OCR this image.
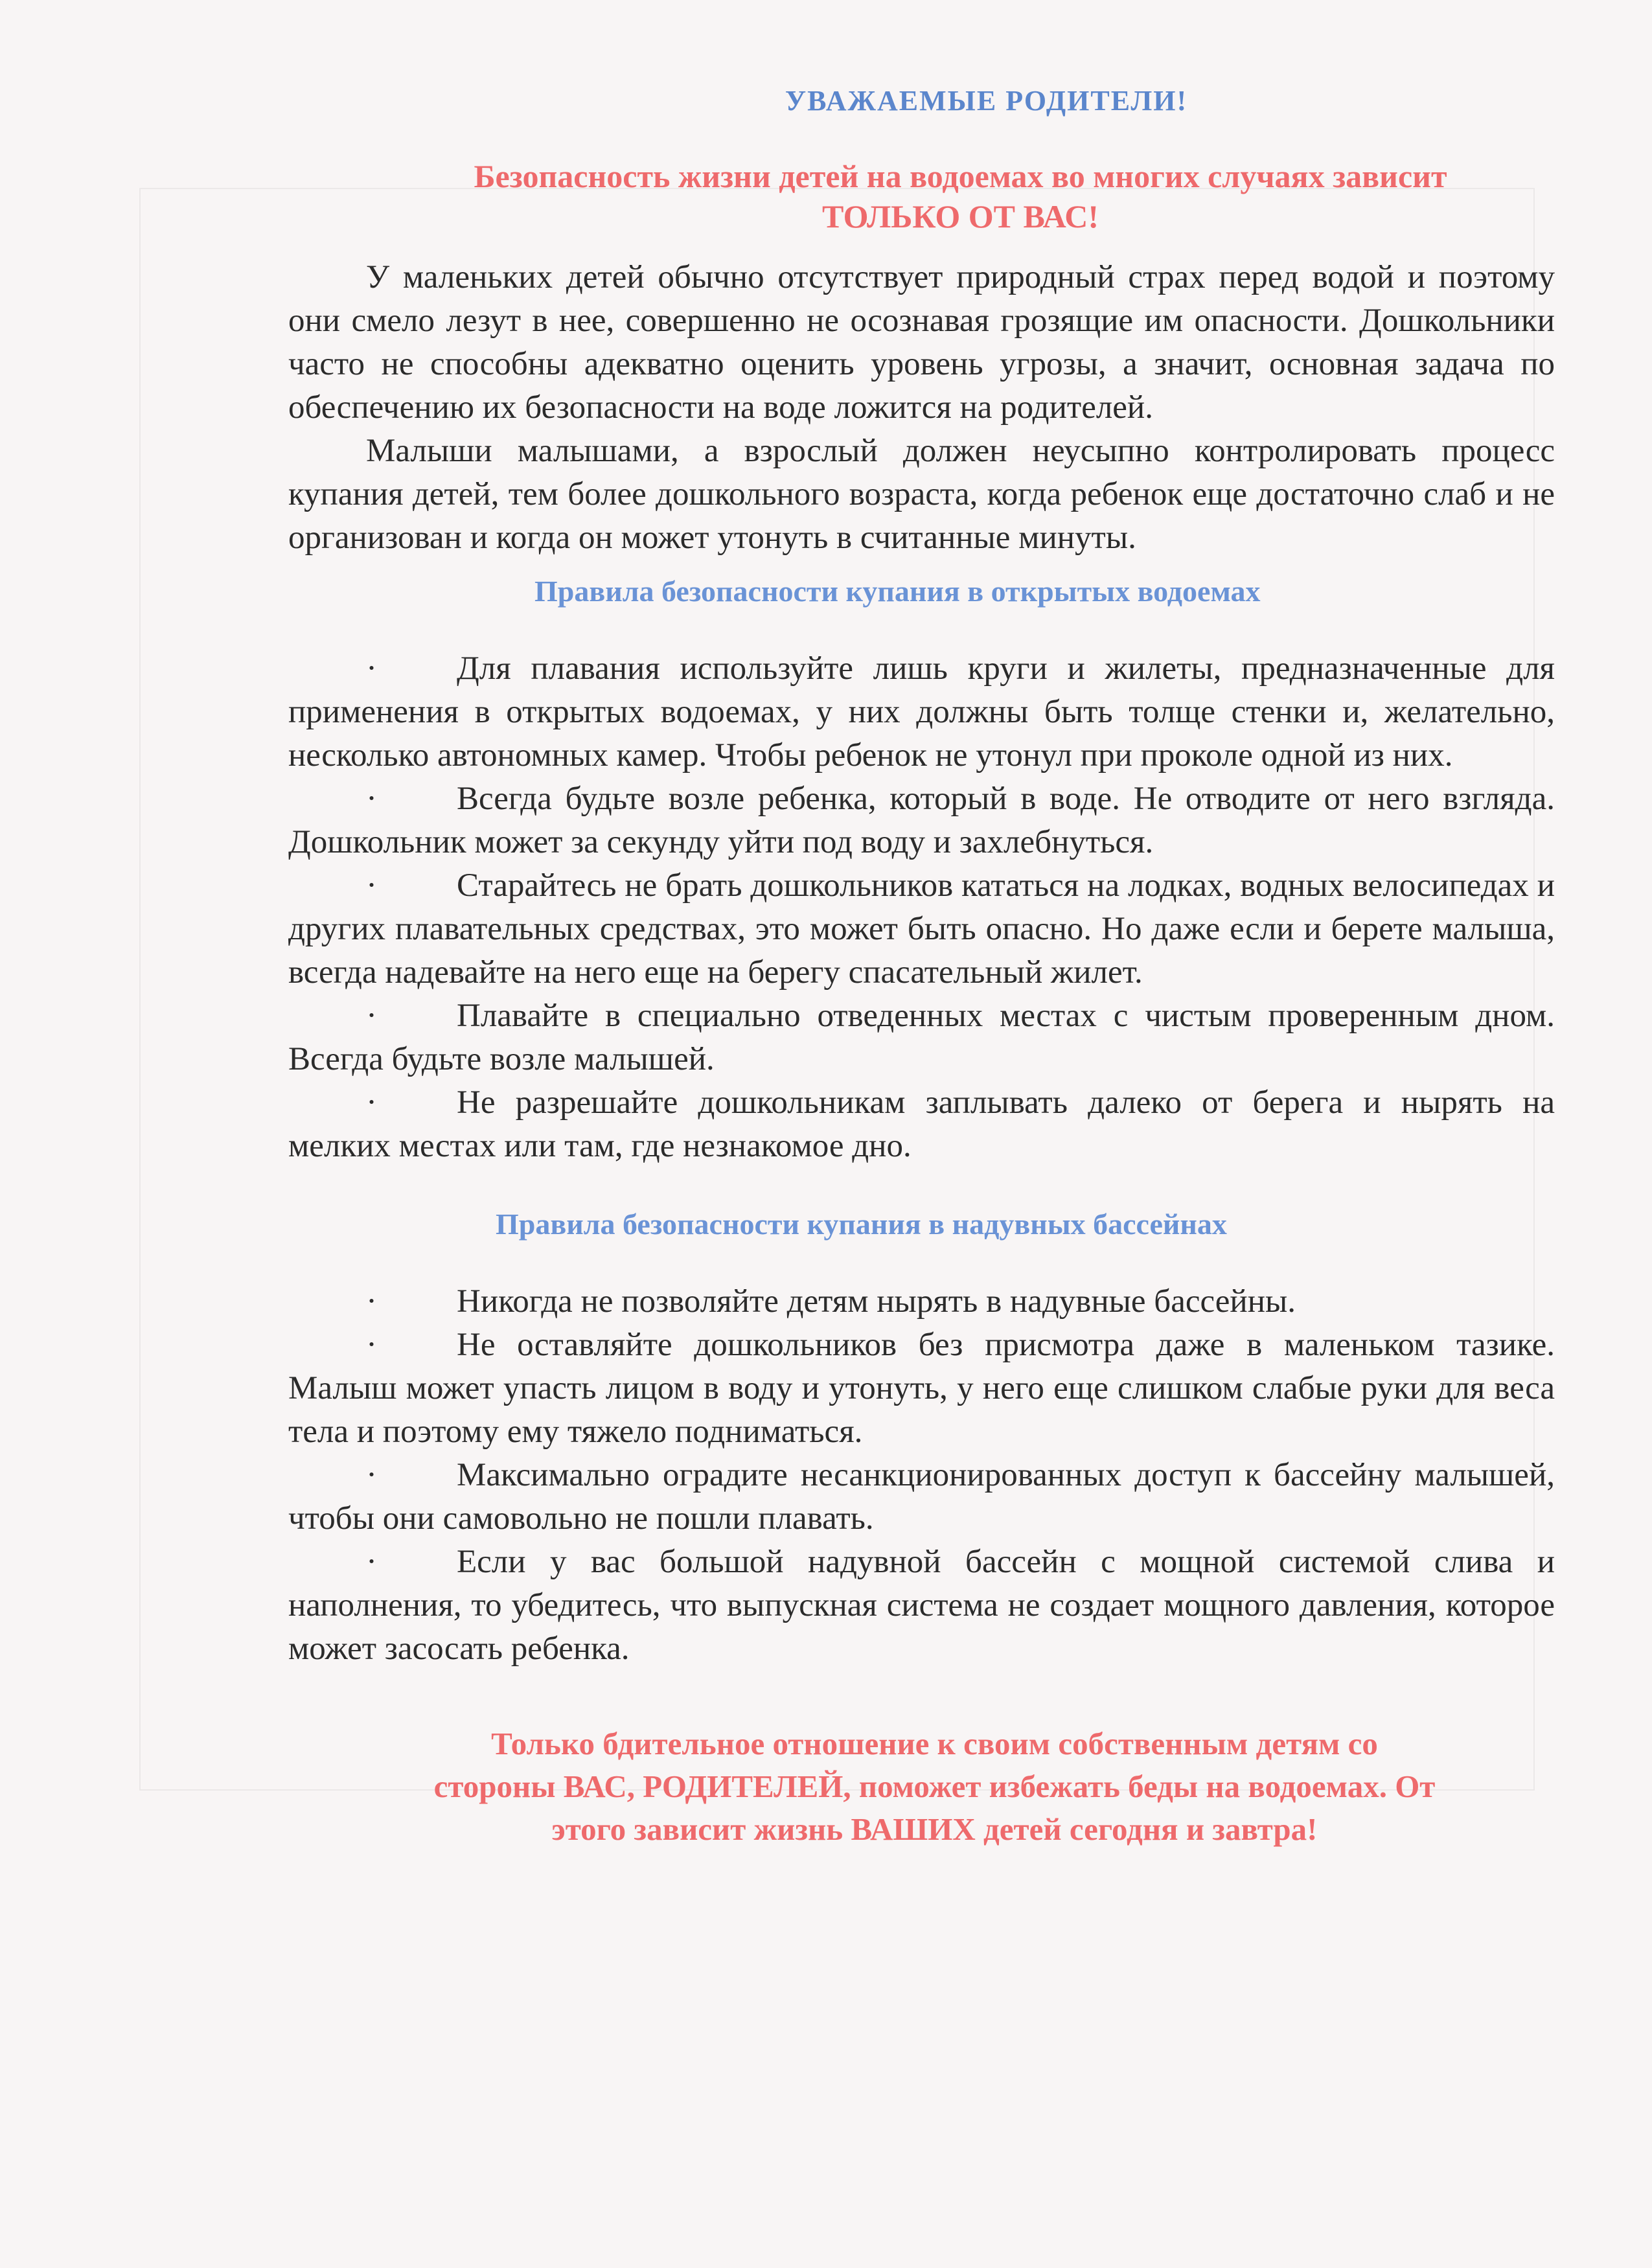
УВАЖАЕМЫЕ РОДИТЕЛИ!
Безопасность жизни детей на водоемах во многих случаях зависит
ТОЛЬКО ОТ ВАС!

У маленьких детей обычно отсутствует природный страх перед водой и поэтому они смело лезут в нее, совершенно не осознавая грозящие им опасности. Дошкольники часто не способны адекватно оценить уровень угрозы, а значит, основная задача по обеспечению их безопасности на воде ложится на родителей.

Малыши малышами, а взрослый должен неусыпно контролировать процесс купания детей, тем более дошкольного возраста, когда ребенок еще достаточно слаб и не организован и когда он может утонуть в считанные минуты.

Правила безопасности купания в открытых водоемах
· Для плавания используйте лишь круги и жилеты, предназначенные для применения в открытых водоемах, у них должны быть толще стенки и, желательно, несколько автономных камер. Чтобы ребенок не утонул при проколе одной из них.
· Всегда будьте возле ребенка, который в воде. Не отводите от него взгляда. Дошкольник может за секунду уйти под воду и захлебнуться.
· Старайтесь не брать дошкольников кататься на лодках, водных велосипедах и других плавательных средствах, это может быть опасно. Но даже если и берете малыша, всегда надевайте на него еще на берегу спасательный жилет.
· Плавайте в специально отведенных местах с чистым проверенным дном. Всегда будьте возле малышей.
· Не разрешайте дошкольникам заплывать далеко от берега и нырять на мелких местах или там, где незнакомое дно.
Правила безопасности купания в надувных бассейнах
· Никогда не позволяйте детям нырять в надувные бассейны.
· Не оставляйте дошкольников без присмотра даже в маленьком тазике. Малыш может упасть лицом в воду и утонуть, у него еще слишком слабые руки для веса тела и поэтому ему тяжело подниматься.
· Максимально оградите несанкционированных доступ к бассейну малышей, чтобы они самовольно не пошли плавать.
· Если у вас большой надувной бассейн с мощной системой слива и наполнения, то убедитесь, что выпускная система не создает мощного давления, которое может засосать ребенка.
Только бдительное отношение к своим собственным детям со
стороны ВАС, РОДИТЕЛЕЙ, поможет избежать беды на водоемах. От
этого зависит жизнь ВАШИХ детей сегодня и завтра!
